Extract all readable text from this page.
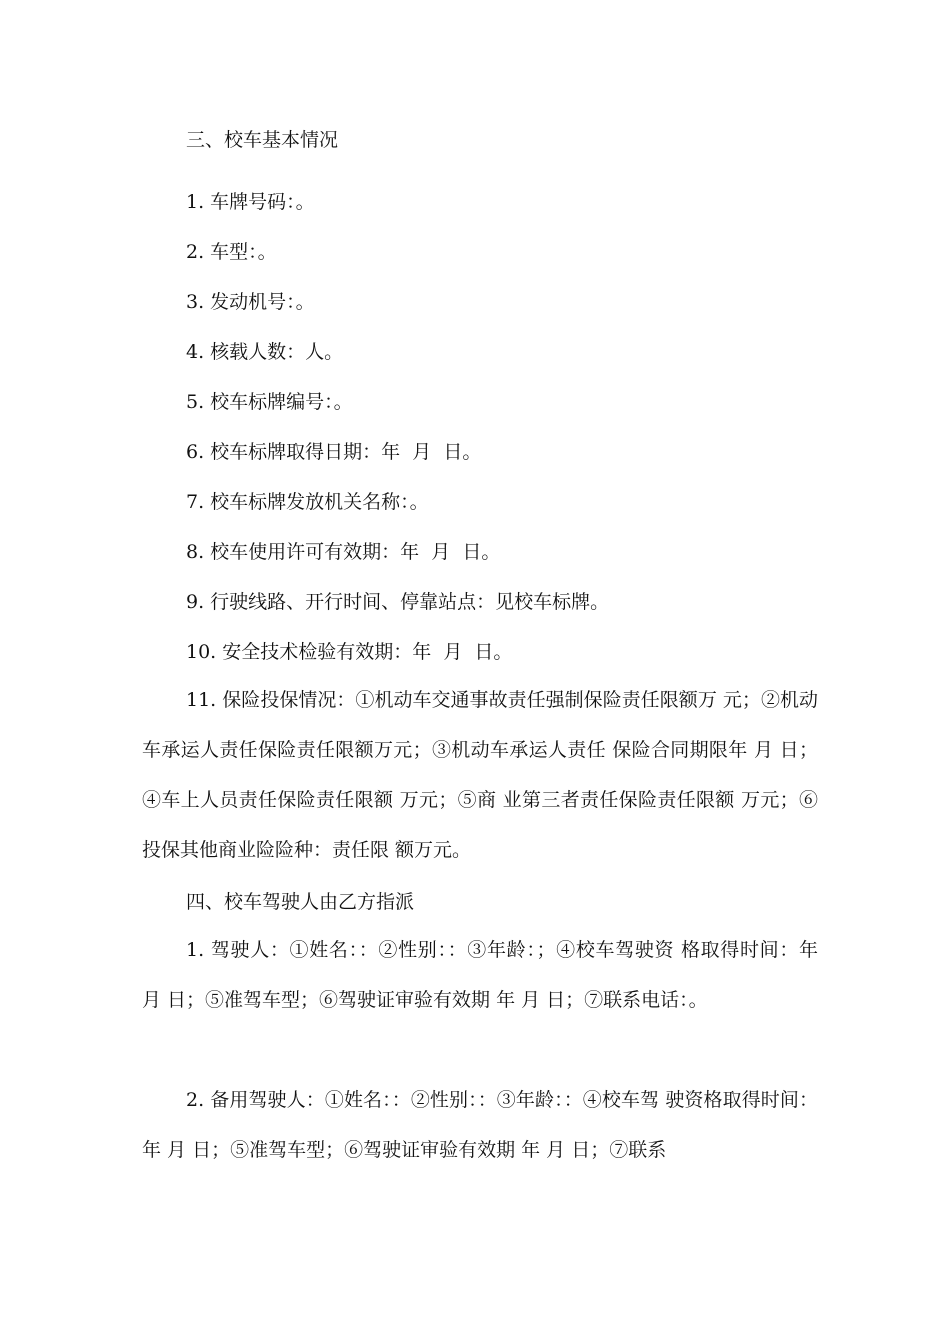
三、校车基本情况
1. 车牌号码：。
2. 车型：。
3. 发动机号：。
4. 核载人数：人。
5. 校车标牌编号：。
6. 校车标牌取得日期：年  月  日。
7. 校车标牌发放机关名称：。
8. 校车使用许可有效期：年  月  日。
9. 行驶线路、开行时间、停靠站点：见校车标牌。
10. 安全技术检验有效期：年  月  日。

11. 保险投保情况：①机动车交通事故责任强制保险责任限额万 元；②机动车承运人责任保险责任限额万元；③机动车承运人责任 保险合同期限年 月 日；④车上人员责任保险责任限额 万元；⑤商 业第三者责任保险责任限额 万元；⑥投保其他商业险险种：责任限 额万元。

四、校车驾驶人由乙方指派

1. 驾驶人：①姓名：：②性别：：③年龄：；④校车驾驶资 格取得时间：年 月 日；⑤准驾车型；⑥驾驶证审验有效期 年 月 日；⑦联系电话：。

2. 备用驾驶人：①姓名：：②性别：：③年龄：：④校车驾 驶资格取得时间：年 月 日；⑤准驾车型；⑥驾驶证审验有效期 年 月 日；⑦联系
